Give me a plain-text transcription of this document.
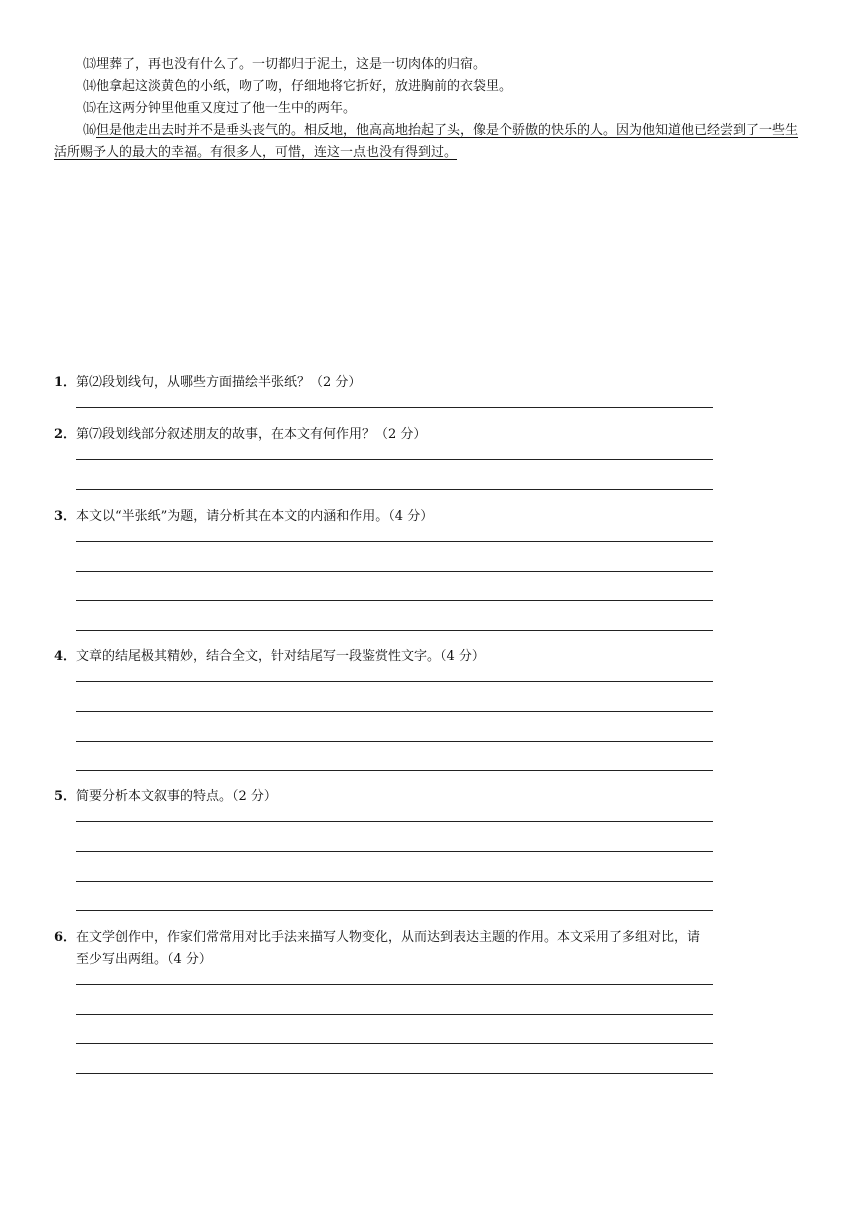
⒀埋葬了，再也没有什么了。一切都归于泥土，这是一切肉体的归宿。

⒁他拿起这淡黄色的小纸，吻了吻，仔细地将它折好，放进胸前的衣袋里。

⒂在这两分钟里他重又度过了他一生中的两年。

⒃但是他走出去时并不是垂头丧气的。相反地，他高高地抬起了头，像是个骄傲的快乐的人。因为他知道他已经尝到了一些生活所赐予人的最大的幸福。有很多人，可惜，连这一点也没有得到过。

1．第⑵段划线句，从哪些方面描绘半张纸？（2 分）

2．第⑺段划线部分叙述朋友的故事，在本文有何作用？（2 分）

3．本文以“半张纸”为题，请分析其在本文的内涵和作用。（4 分）

4．文章的结尾极其精妙，结合全文，针对结尾写一段鉴赏性文字。（4 分）

5．简要分析本文叙事的特点。（2 分）

6．在文学创作中，作家们常常用对比手法来描写人物变化，从而达到表达主题的作用。本文采用了多组对比，请

至少写出两组。（4 分）
